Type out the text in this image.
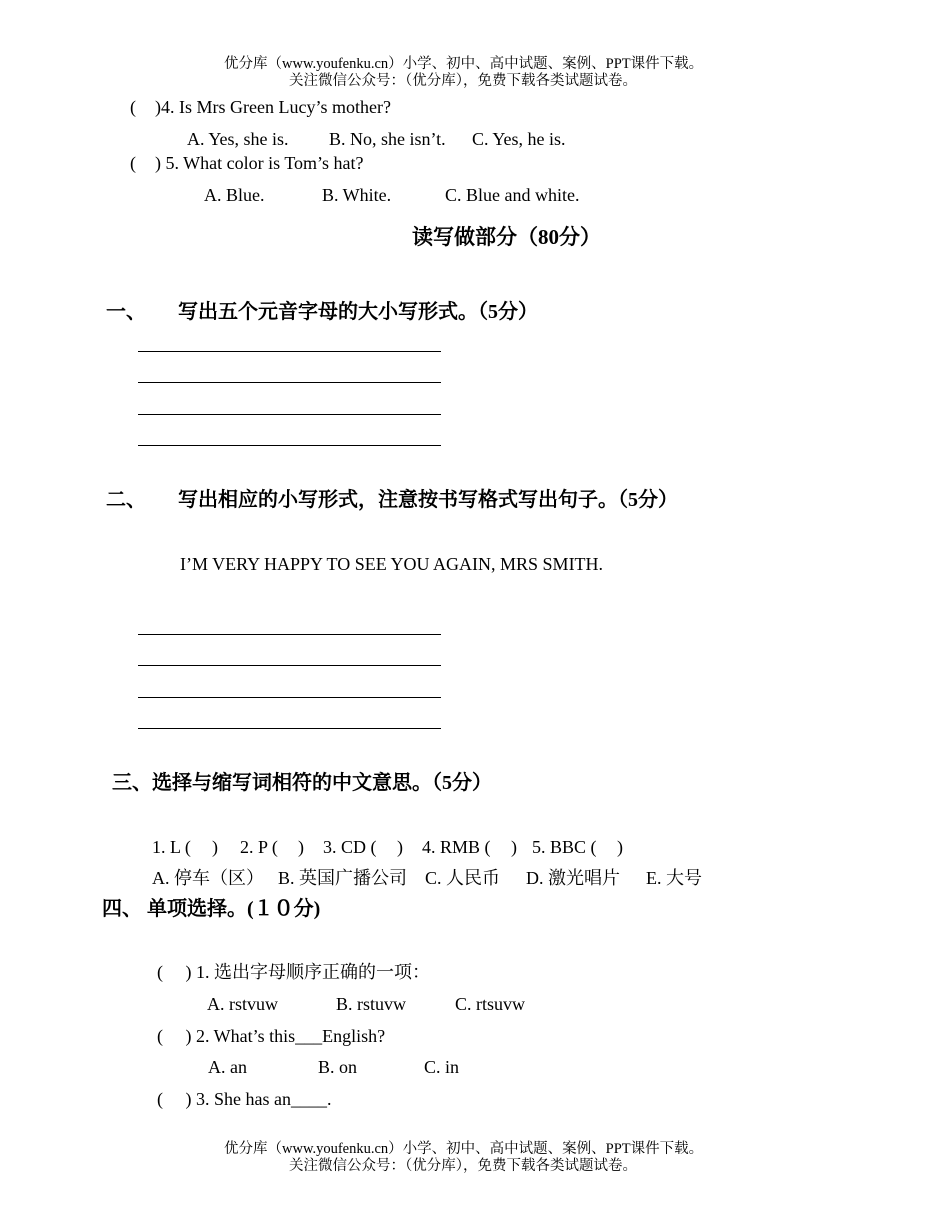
优分库（www.youfenku.cn）小学、初中、高中试题、案例、PPT课件下载。
关注微信公众号：（优分库），免费下载各类试题试卷。
( )4. Is Mrs Green Lucy’s mother?
A. Yes, she is. B. No, she isn’t. C. Yes, he is.
( ) 5. What color is Tom’s hat?
A. Blue.	B. White.	C. Blue and white.
读写做部分（80分）
一、 写出五个元音字母的大小写形式。（5分）
二、 写出相应的小写形式，注意按书写格式写出句子。（5分）
I’M VERY HAPPY TO SEE YOU AGAIN, MRS SMITH.
三、选择与缩写词相符的中文意思。（5分）
1. L ( ) 2. P ( ) 3. CD ( ) 4. RMB ( ) 5. BBC ( )
A. 停车（区） B. 英国广播公司 C. 人民币 D. 激光唱片 E. 大号
四、 单项选择。(１０分)
(     ) 1. 选出字母顺序正确的一项：
A. rstvuw	B. rstuvw	C. rtsuvw
(     ) 2. What’s this___English?
A. an	B. on	C. in
(     ) 3. She has an____.
优分库（www.youfenku.cn）小学、初中、高中试题、案例、PPT课件下载。
关注微信公众号：（优分库），免费下载各类试题试卷。
